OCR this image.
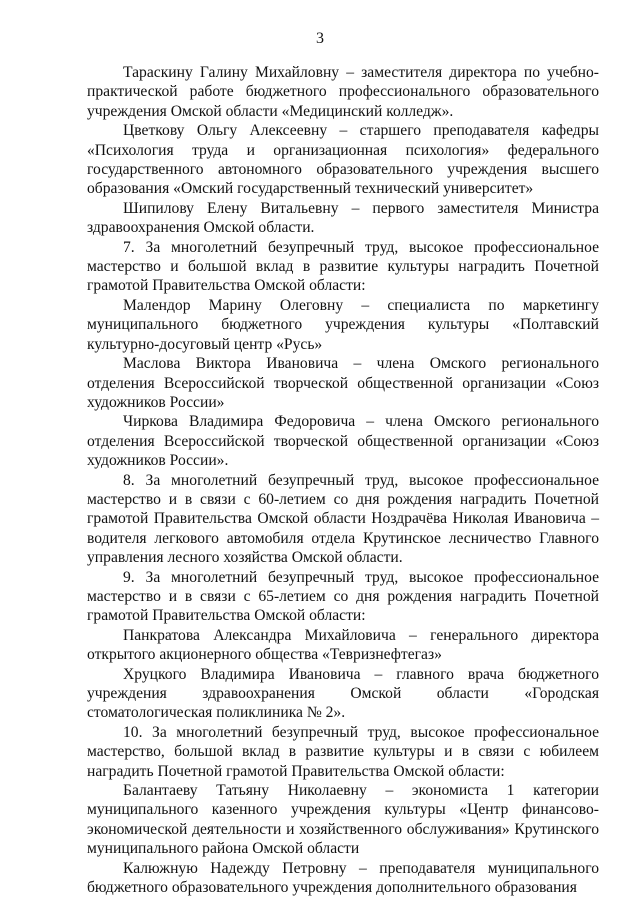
3

Тараскину Галину Михайловну – заместителя директора по учебно-практической работе бюджетного профессионального образовательного учреждения Омской области «Медицинский колледж».

Цветкову Ольгу Алексеевну – старшего преподавателя кафедры «Психология труда и организационная психология» федерального государственного автономного образовательного учреждения высшего образования «Омский государственный технический университет»

Шипилову Елену Витальевну – первого заместителя Министра здравоохранения Омской области.

7. За многолетний безупречный труд, высокое профессиональное мастерство и большой вклад в развитие культуры наградить Почетной грамотой Правительства Омской области:

Малендор Марину Олеговну – специалиста по маркетингу муниципального бюджетного учреждения культуры «Полтавский культурно-досуговый центр «Русь»

Маслова Виктора Ивановича – члена Омского регионального отделения Всероссийской творческой общественной организации «Союз художников России»

Чиркова Владимира Федоровича – члена Омского регионального отделения Всероссийской творческой общественной организации «Союз художников России».

8. За многолетний безупречный труд, высокое профессиональное мастерство и в связи с 60-летием со дня рождения наградить Почетной грамотой Правительства Омской области Ноздрачёва Николая Ивановича – водителя легкового автомобиля отдела Крутинское лесничество Главного управления лесного хозяйства Омской области.

9. За многолетний безупречный труд, высокое профессиональное мастерство и в связи с 65-летием со дня рождения наградить Почетной грамотой Правительства Омской области:

Панкратова Александра Михайловича – генерального директора открытого акционерного общества «Тевризнефтегаз»

Хруцкого Владимира Ивановича – главного врача бюджетного учреждения здравоохранения Омской области «Городская стоматологическая поликлиника № 2».

10. За многолетний безупречный труд, высокое профессиональное мастерство, большой вклад в развитие культуры и в связи с юбилеем наградить Почетной грамотой Правительства Омской области:

Балантаеву Татьяну Николаевну – экономиста 1 категории муниципального казенного учреждения культуры «Центр финансово-экономической деятельности и хозяйственного обслуживания» Крутинского муниципального района Омской области

Калюжную Надежду Петровну – преподавателя муниципального бюджетного образовательного учреждения дополнительного образования
